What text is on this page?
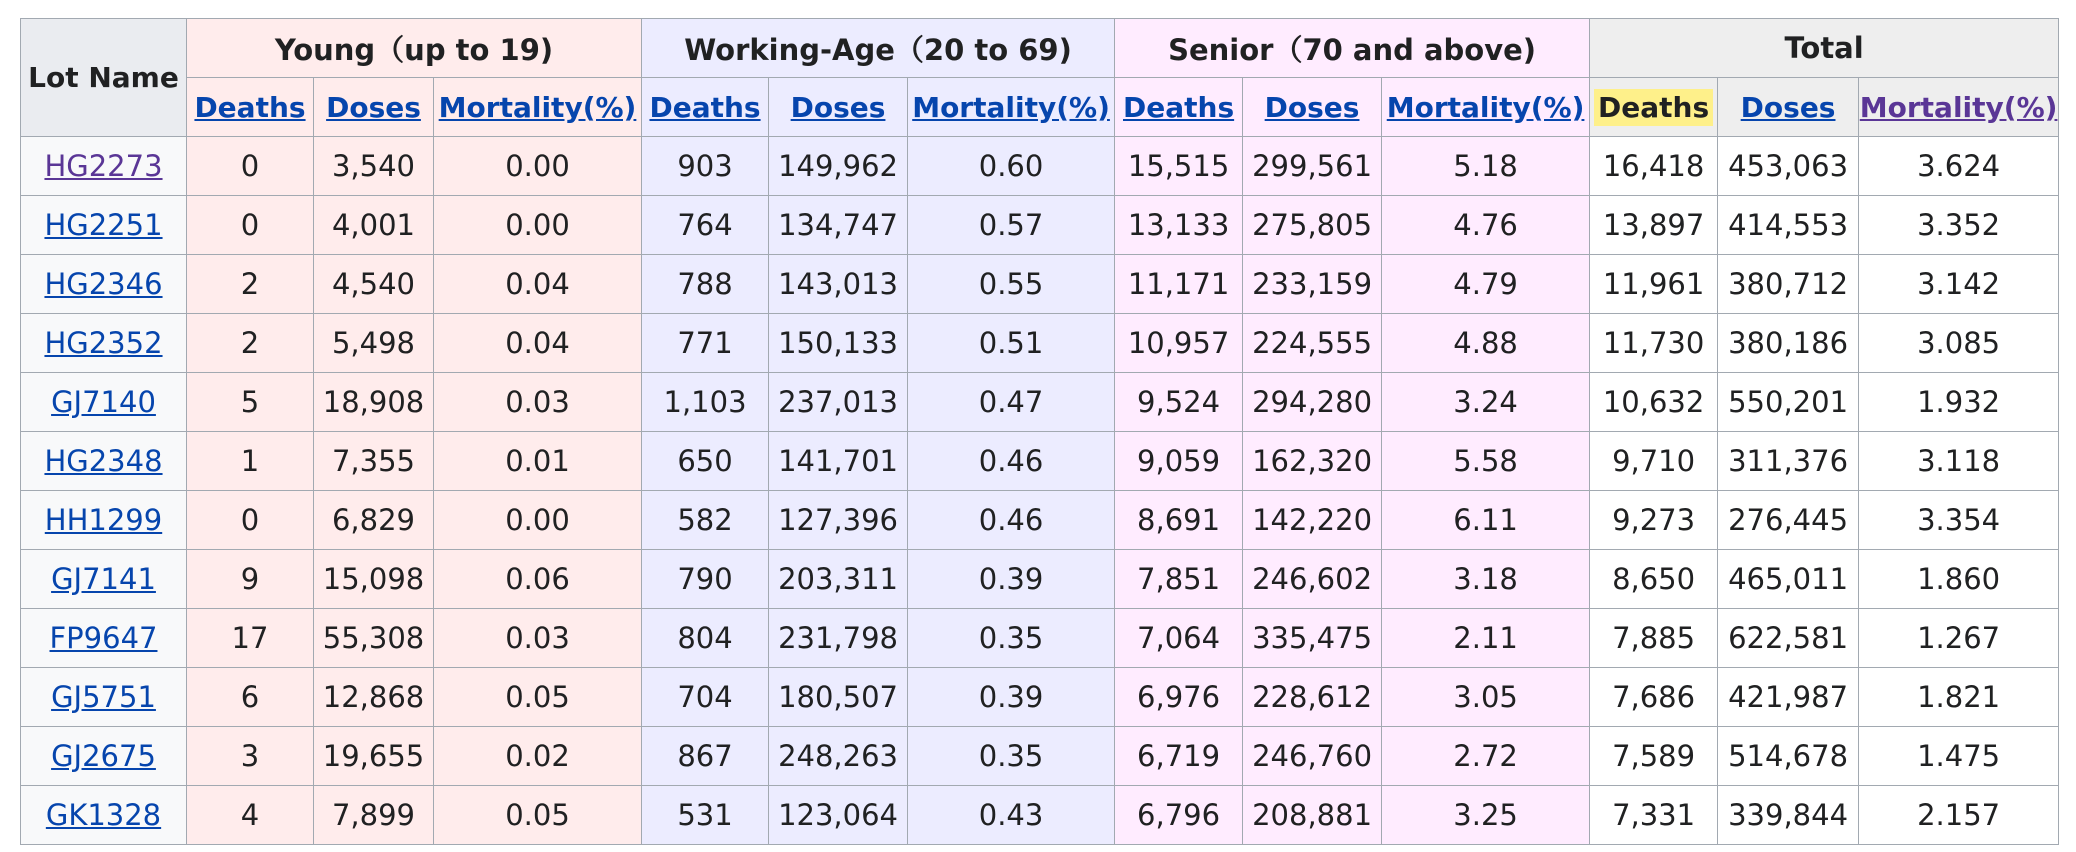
Lot Name	Young（up to 19)			Working-Age（20 to 69)			Senior（70 and above)			Total		
	Deaths	Doses	Mortality(%)	Deaths	Doses	Mortality(%)	Deaths	Doses	Mortality(%)	Deaths	Doses	Mortality(%)
HG2273	0	3,540	0.00	903	149,962	0.60	15,515	299,561	5.18	16,418	453,063	3.624
HG2251	0	4,001	0.00	764	134,747	0.57	13,133	275,805	4.76	13,897	414,553	3.352
HG2346	2	4,540	0.04	788	143,013	0.55	11,171	233,159	4.79	11,961	380,712	3.142
HG2352	2	5,498	0.04	771	150,133	0.51	10,957	224,555	4.88	11,730	380,186	3.085
GJ7140	5	18,908	0.03	1,103	237,013	0.47	9,524	294,280	3.24	10,632	550,201	1.932
HG2348	1	7,355	0.01	650	141,701	0.46	9,059	162,320	5.58	9,710	311,376	3.118
HH1299	0	6,829	0.00	582	127,396	0.46	8,691	142,220	6.11	9,273	276,445	3.354
GJ7141	9	15,098	0.06	790	203,311	0.39	7,851	246,602	3.18	8,650	465,011	1.860
FP9647	17	55,308	0.03	804	231,798	0.35	7,064	335,475	2.11	7,885	622,581	1.267
GJ5751	6	12,868	0.05	704	180,507	0.39	6,976	228,612	3.05	7,686	421,987	1.821
GJ2675	3	19,655	0.02	867	248,263	0.35	6,719	246,760	2.72	7,589	514,678	1.475
GK1328	4	7,899	0.05	531	123,064	0.43	6,796	208,881	3.25	7,331	339,844	2.157
